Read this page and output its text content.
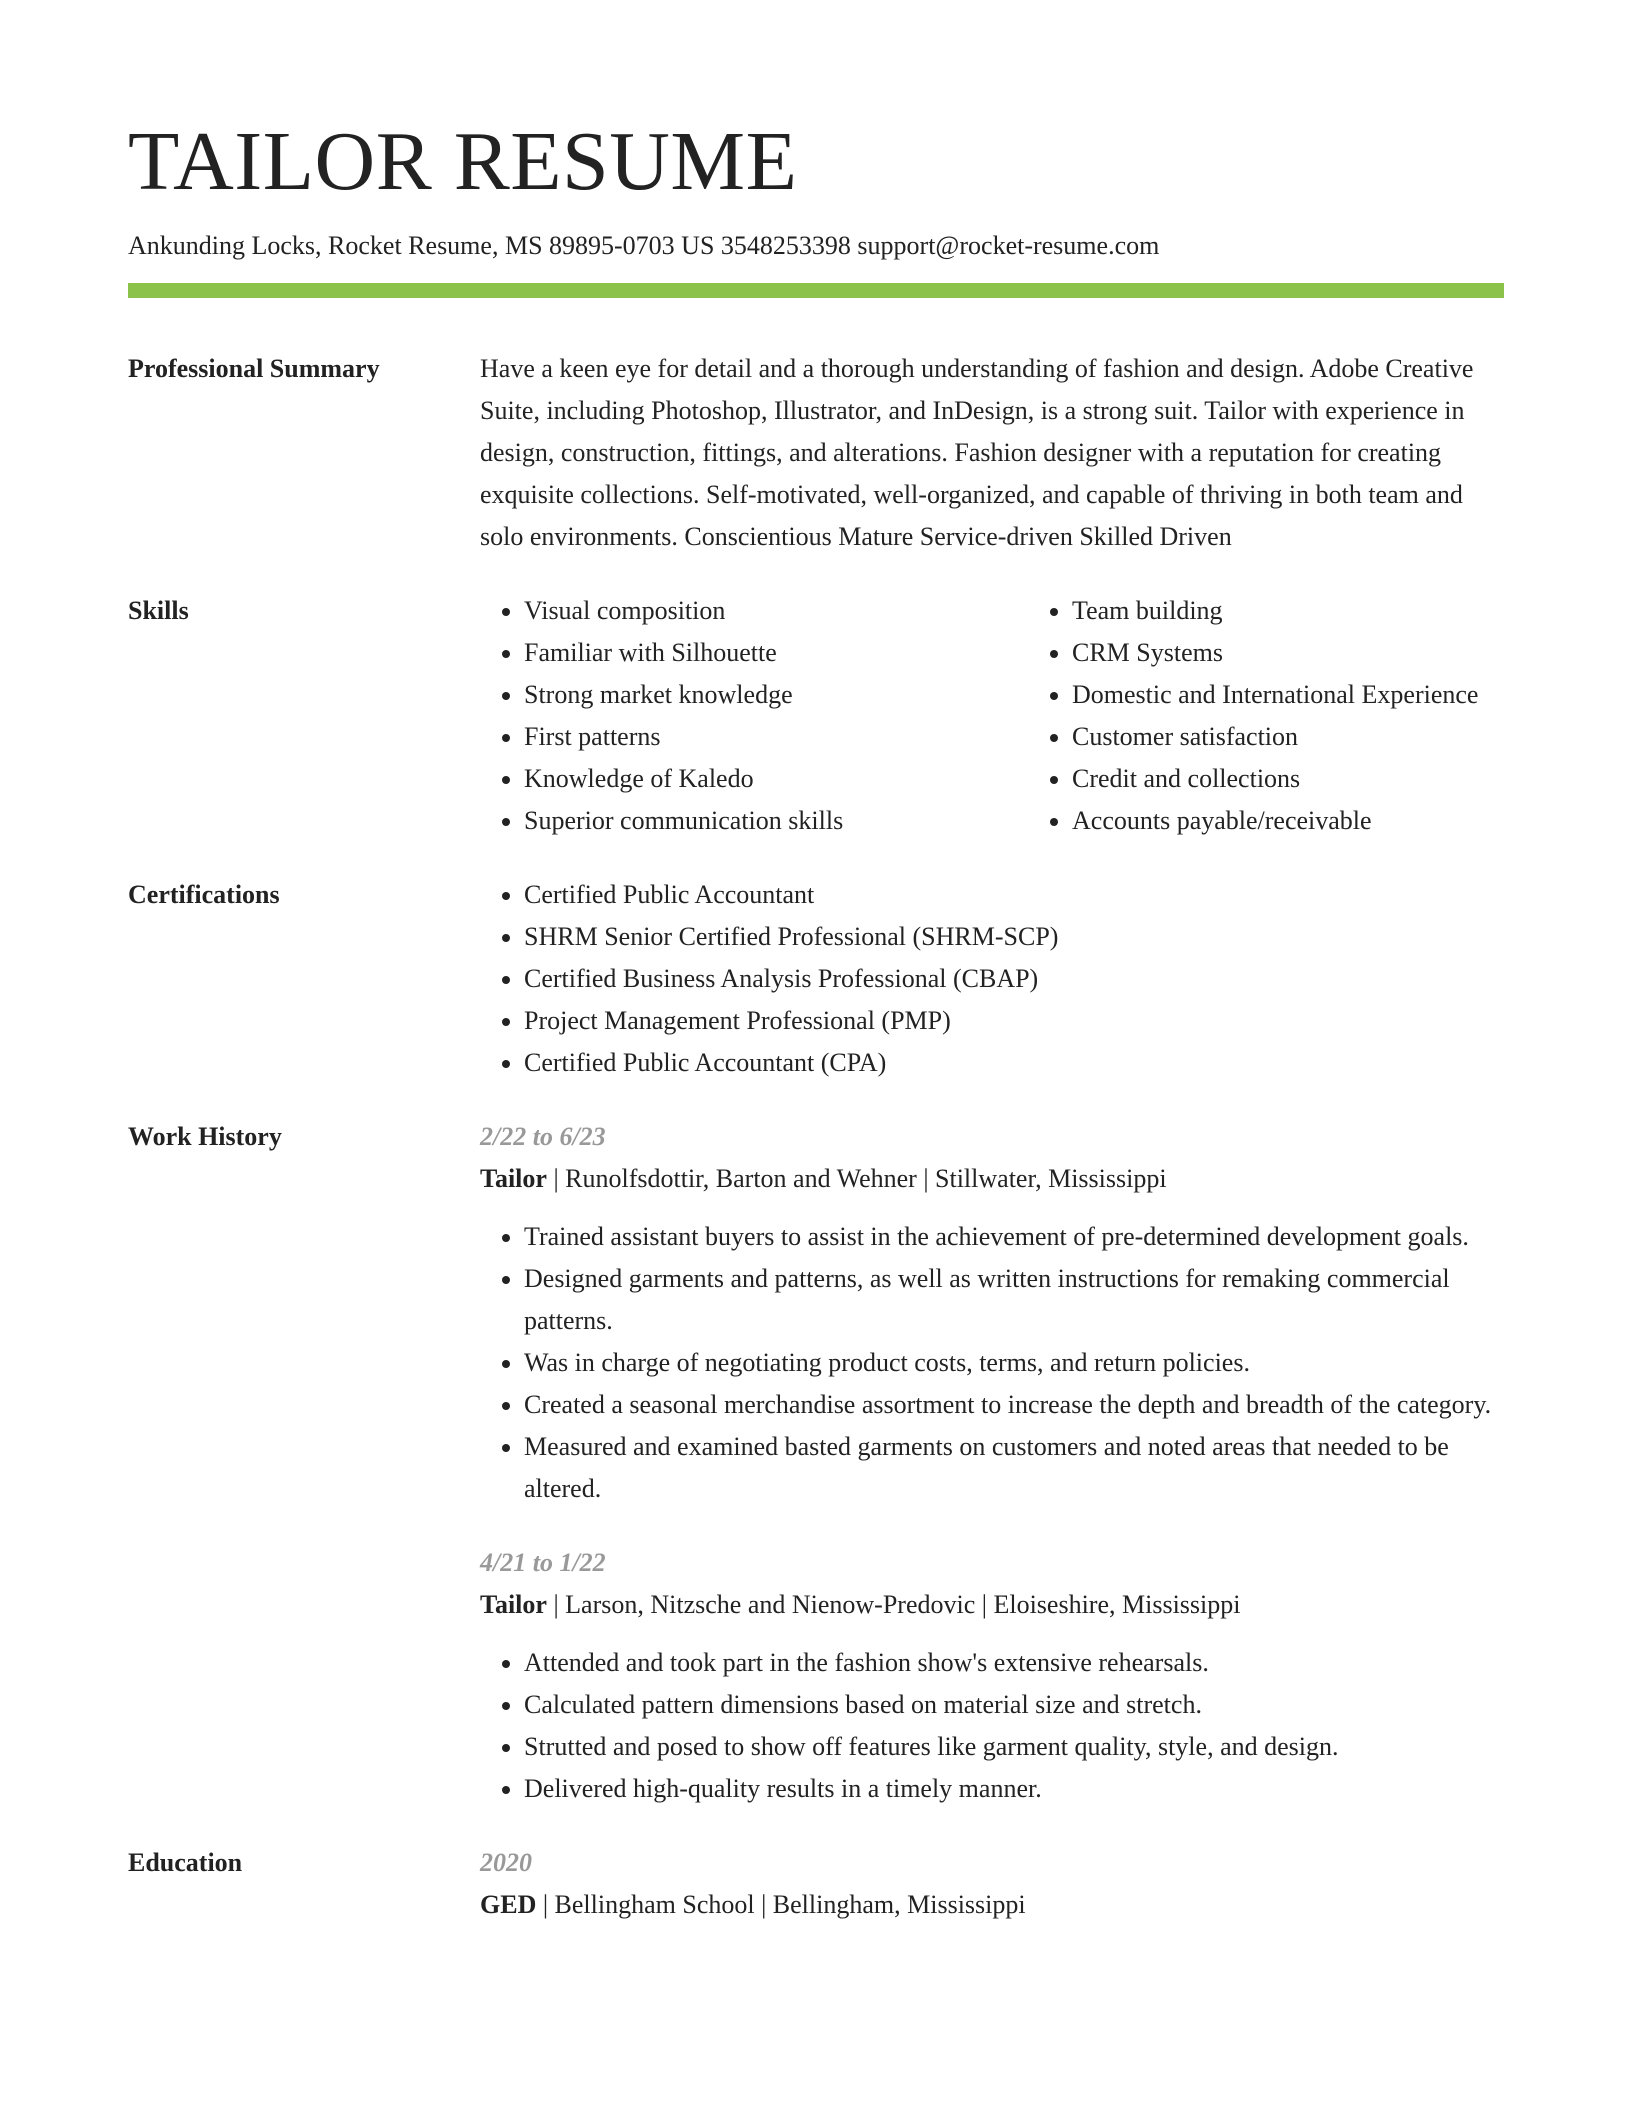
TAILOR RESUME
Ankunding Locks, Rocket Resume, MS 89895-0703 US 3548253398 support@rocket-resume.com
Professional Summary	Have a keen eye for detail and a thorough understanding of fashion and design. Adobe Creative Suite, including Photoshop, Illustrator, and InDesign, is a strong suit. Tailor with experience in design, construction, fittings, and alterations. Fashion designer with a reputation for creating exquisite collections. Self-motivated, well-organized, and capable of thriving in both team and solo environments. Conscientious Mature Service-driven Skilled Driven
Skills	• Visual composition
• Familiar with Silhouette
• Strong market knowledge
• First patterns
• Knowledge of Kaledo
• Superior communication skills
• Team building
• CRM Systems
• Domestic and International Experience
• Customer satisfaction
• Credit and collections
• Accounts payable/receivable
Certifications	• Certified Public Accountant
• SHRM Senior Certified Professional (SHRM-SCP)
• Certified Business Analysis Professional (CBAP)
• Project Management Professional (PMP)
• Certified Public Accountant (CPA)
Work History	2/22 to 6/23
Tailor | Runolfsdottir, Barton and Wehner | Stillwater, Mississippi
• Trained assistant buyers to assist in the achievement of pre-determined development goals.
• Designed garments and patterns, as well as written instructions for remaking commercial patterns.
• Was in charge of negotiating product costs, terms, and return policies.
• Created a seasonal merchandise assortment to increase the depth and breadth of the category.
• Measured and examined basted garments on customers and noted areas that needed to be altered.
4/21 to 1/22
Tailor | Larson, Nitzsche and Nienow-Predovic | Eloiseshire, Mississippi
• Attended and took part in the fashion show's extensive rehearsals.
• Calculated pattern dimensions based on material size and stretch.
• Strutted and posed to show off features like garment quality, style, and design.
• Delivered high-quality results in a timely manner.
Education	2020
GED | Bellingham School | Bellingham, Mississippi
